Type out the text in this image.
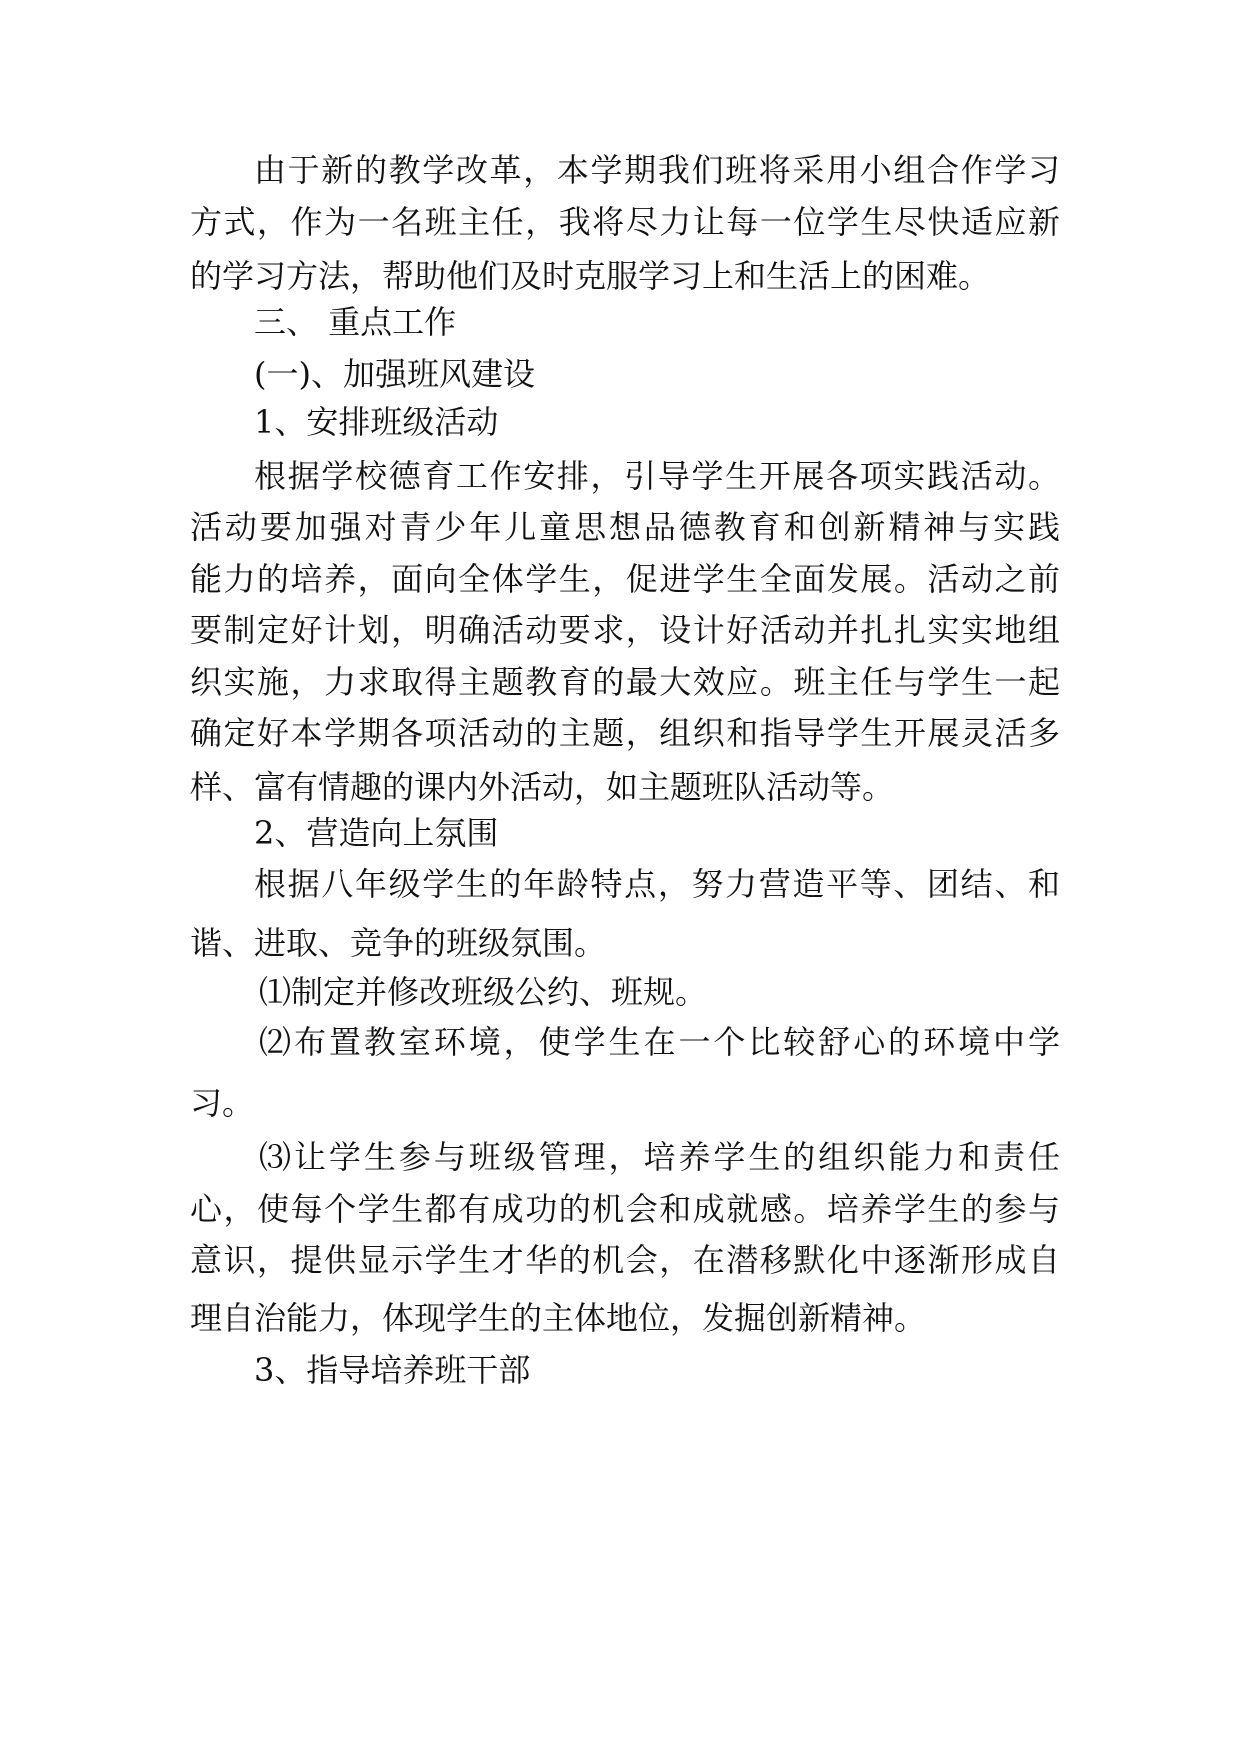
由于新的教学改革，本学期我们班将采用小组合作学习

方式，作为一名班主任，我将尽力让每一位学生尽快适应新

的学习方法，帮助他们及时克服学习上和生活上的困难。

三、 重点工作

(一)、加强班风建设

1、安排班级活动

根据学校德育工作安排，引导学生开展各项实践活动。

活动要加强对青少年儿童思想品德教育和创新精神与实践

能力的培养，面向全体学生，促进学生全面发展。活动之前

要制定好计划，明确活动要求，设计好活动并扎扎实实地组

织实施，力求取得主题教育的最大效应。班主任与学生一起

确定好本学期各项活动的主题，组织和指导学生开展灵活多

样、富有情趣的课内外活动，如主题班队活动等。

2、营造向上氛围

根据八年级学生的年龄特点，努力营造平等、团结、和

谐、进取、竞争的班级氛围。

⑴制定并修改班级公约、班规。

⑵布置教室环境，使学生在一个比较舒心的环境中学

习。

⑶让学生参与班级管理，培养学生的组织能力和责任

心，使每个学生都有成功的机会和成就感。培养学生的参与

意识，提供显示学生才华的机会，在潜移默化中逐渐形成自

理自治能力，体现学生的主体地位，发掘创新精神。

3、指导培养班干部
